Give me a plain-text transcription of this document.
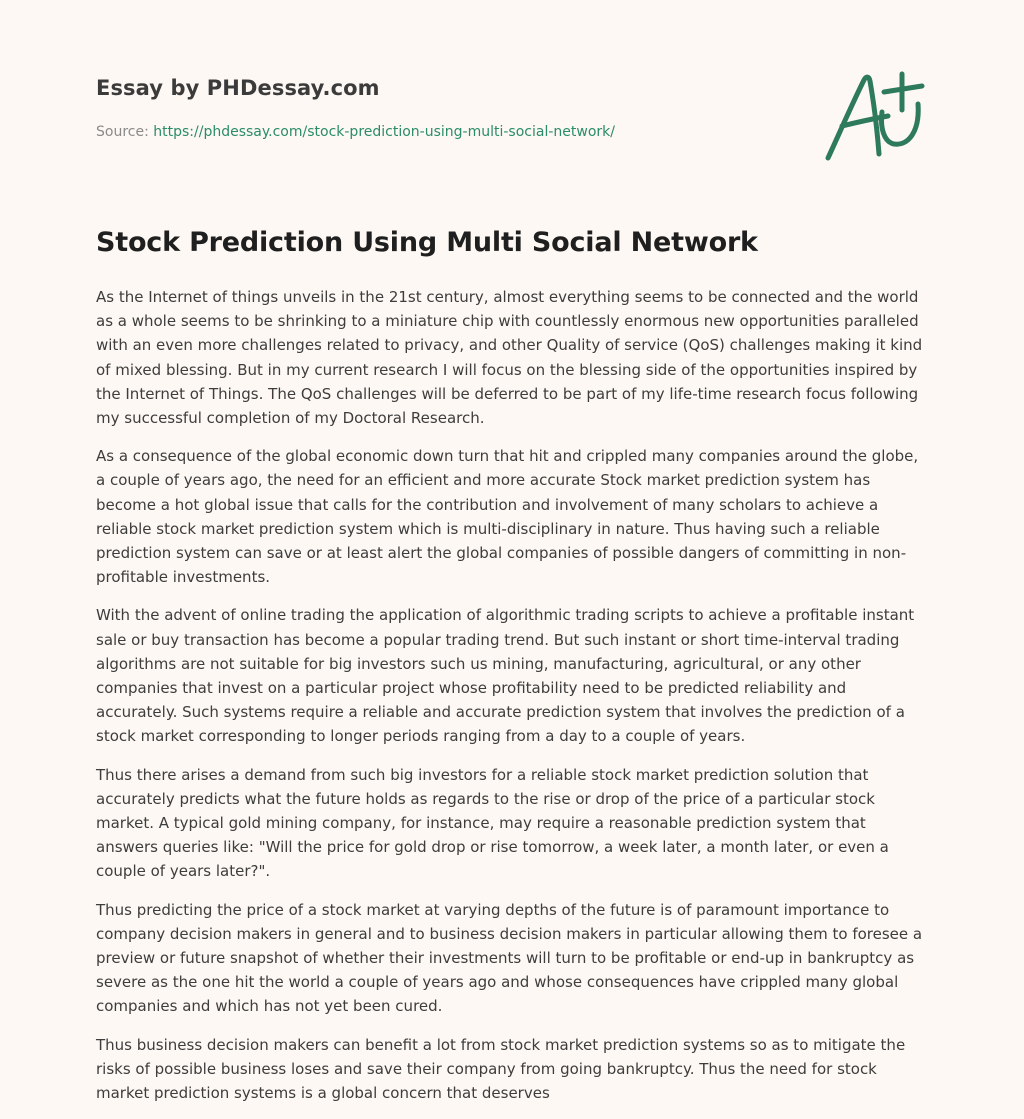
Essay by PHDessay.com
Source: https://phdessay.com/stock-prediction-using-multi-social-network/
Stock Prediction Using Multi Social Network

As the Internet of things unveils in the 21st century, almost everything seems to be connected and the world as a whole seems to be shrinking to a miniature chip with countlessly enormous new opportunities paralleled with an even more challenges related to privacy, and other Quality of service (QoS) challenges making it kind of mixed blessing. But in my current research I will focus on the blessing side of the opportunities inspired by the Internet of Things. The QoS challenges will be deferred to be part of my life-time research focus following my successful completion of my Doctoral Research.

As a consequence of the global economic down turn that hit and crippled many companies around the globe, a couple of years ago, the need for an efficient and more accurate Stock market prediction system has become a hot global issue that calls for the contribution and involvement of many scholars to achieve a reliable stock market prediction system which is multi-disciplinary in nature. Thus having such a reliable prediction system can save or at least alert the global companies of possible dangers of committing in non-profitable investments.

With the advent of online trading the application of algorithmic trading scripts to achieve a profitable instant sale or buy transaction has become a popular trading trend. But such instant or short time-interval trading algorithms are not suitable for big investors such us mining, manufacturing, agricultural, or any other companies that invest on a particular project whose profitability need to be predicted reliability and accurately. Such systems require a reliable and accurate prediction system that involves the prediction of a stock market corresponding to longer periods ranging from a day to a couple of years.

Thus there arises a demand from such big investors for a reliable stock market prediction solution that accurately predicts what the future holds as regards to the rise or drop of the price of a particular stock market. A typical gold mining company, for instance, may require a reasonable prediction system that answers queries like: "Will the price for gold drop or rise tomorrow, a week later, a month later, or even a couple of years later?".

Thus predicting the price of a stock market at varying depths of the future is of paramount importance to company decision makers in general and to business decision makers in particular allowing them to foresee a preview or future snapshot of whether their investments will turn to be profitable or end-up in bankruptcy as severe as the one hit the world a couple of years ago and whose consequences have crippled many global companies and which has not yet been cured.

Thus business decision makers can benefit a lot from stock market prediction systems so as to mitigate the risks of possible business loses and save their company from going bankruptcy. Thus the need for stock market prediction systems is a global concern that deserves
